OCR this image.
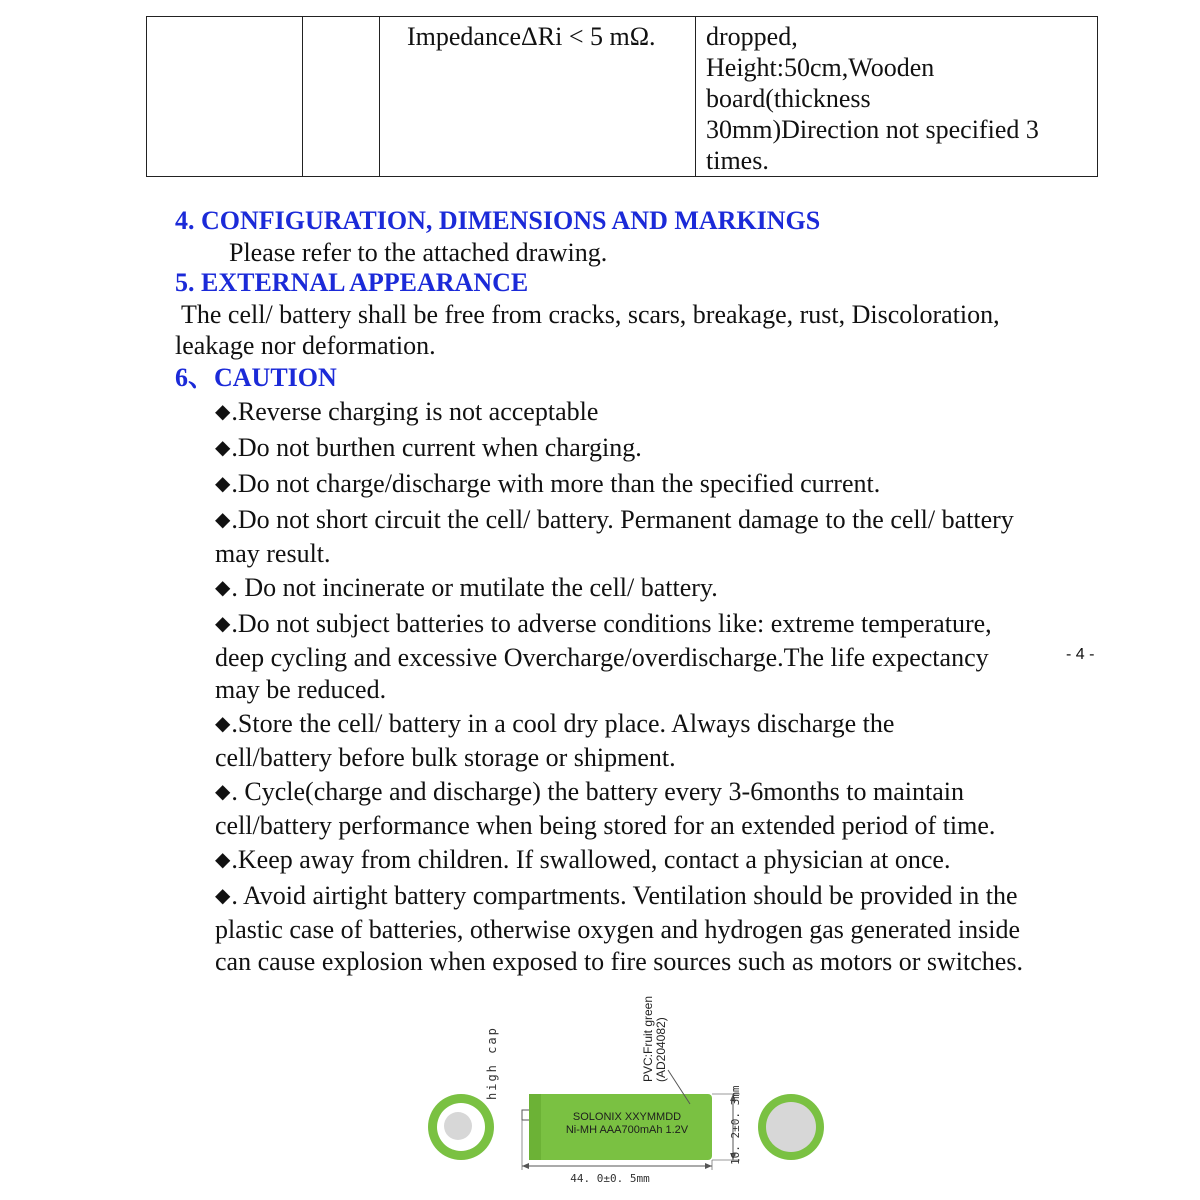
ImpedanceΔRi < 5 mΩ.	dropped,
Height:50cm,Wooden
board(thickness
30mm)Direction not specified 3
times.
4. CONFIGURATION, DIMENSIONS AND MARKINGS

Please refer to the attached drawing.

5. EXTERNAL APPEARANCE

The cell/ battery shall be free from cracks, scars, breakage, rust, Discoloration,

leakage nor deformation.

6、CAUTION
◆.Reverse charging is not acceptable
◆.Do not burthen current when charging.
◆.Do not charge/discharge with more than the specified current.
◆.Do not short circuit the cell/ battery. Permanent damage to the cell/ battery
may result.
◆. Do not incinerate or mutilate the cell/ battery.
◆.Do not subject batteries to adverse conditions like: extreme temperature,
deep cycling and excessive Overcharge/overdischarge.The life expectancy
may be reduced.
◆.Store the cell/ battery in a cool dry place. Always discharge the
cell/battery before bulk storage or shipment.
◆. Cycle(charge and discharge) the battery every 3-6months to maintain
cell/battery performance when being stored for an extended period of time.
◆.Keep away from children. If swallowed, contact a physician at once.
◆. Avoid airtight battery compartments. Ventilation should be provided in the
plastic case of batteries, otherwise oxygen and hydrogen gas generated inside
can cause explosion when exposed to fire sources such as motors or switches.
- 4 -
high cap
SOLONIX XXYMMDD
Ni-MH AAA700mAh 1.2V
PVC:Fruit green (AD204082)
10. 2±0. 3mm
44. 0±0. 5mm
